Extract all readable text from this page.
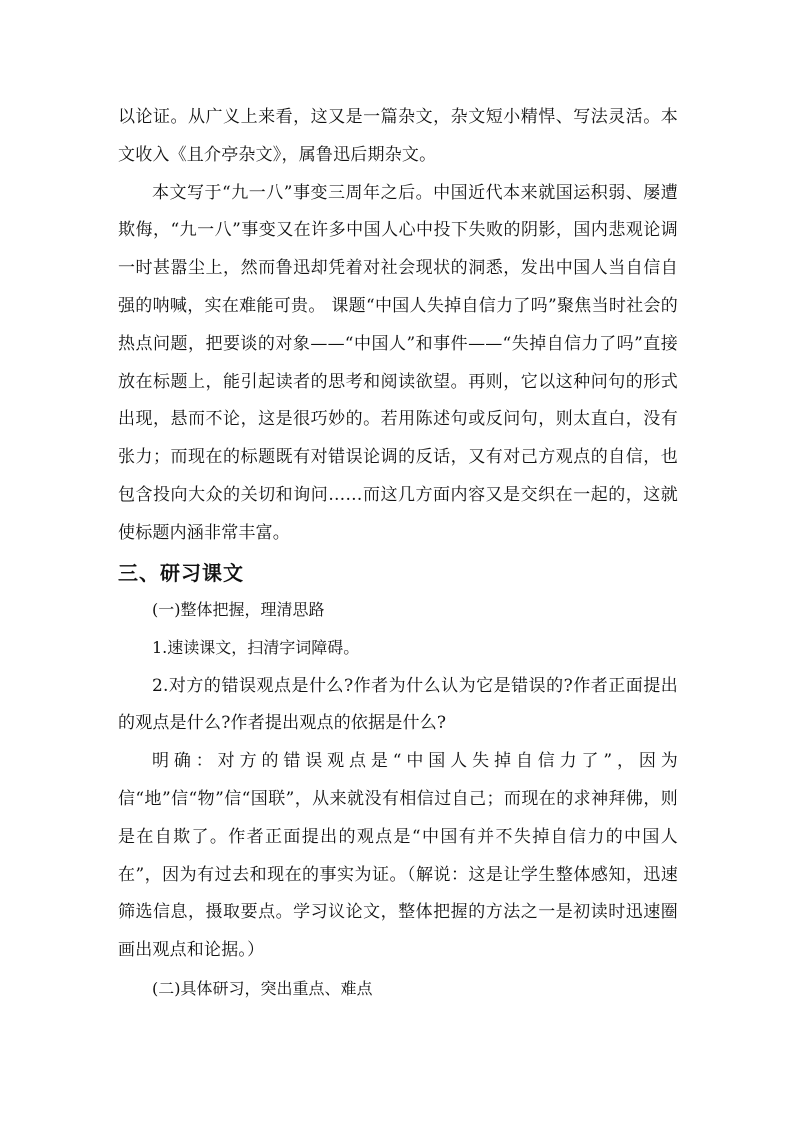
以论证。从广义上来看，这又是一篇杂文，杂文短小精悍、写法灵活。本文收入《且介亭杂文》，属鲁迅后期杂文。

本文写于“九一八”事变三周年之后。中国近代本来就国运积弱、屡遭欺侮，“九一八”事变又在许多中国人心中投下失败的阴影，国内悲观论调一时甚嚣尘上，然而鲁迅却凭着对社会现状的洞悉，发出中国人当自信自强的呐喊，实在难能可贵。 课题“中国人失掉自信力了吗”聚焦当时社会的热点问题，把要谈的对象——“中国人”和事件——“失掉自信力了吗”直接放在标题上，能引起读者的思考和阅读欲望。再则，它以这种问句的形式出现，悬而不论，这是很巧妙的。若用陈述句或反问句，则太直白，没有张力；而现在的标题既有对错误论调的反话，又有对己方观点的自信，也包含投向大众的关切和询问……而这几方面内容又是交织在一起的，这就使标题内涵非常丰富。

三、研习课文

(一)整体把握，理清思路

1.速读课文，扫清字词障碍。

2.对方的错误观点是什么?作者为什么认为它是错误的?作者正面提出的观点是什么?作者提出观点的依据是什么?

明确：对方的错误观点是“中国人失掉自信力了”，因为信“地”信“物”信“国联”，从来就没有相信过自己；而现在的求神拜佛，则是在自欺了。作者正面提出的观点是“中国有并不失掉自信力的中国人在”，因为有过去和现在的事实为证。（解说：这是让学生整体感知，迅速筛选信息，摄取要点。学习议论文，整体把握的方法之一是初读时迅速圈画出观点和论据。）

(二)具体研习，突出重点、难点
